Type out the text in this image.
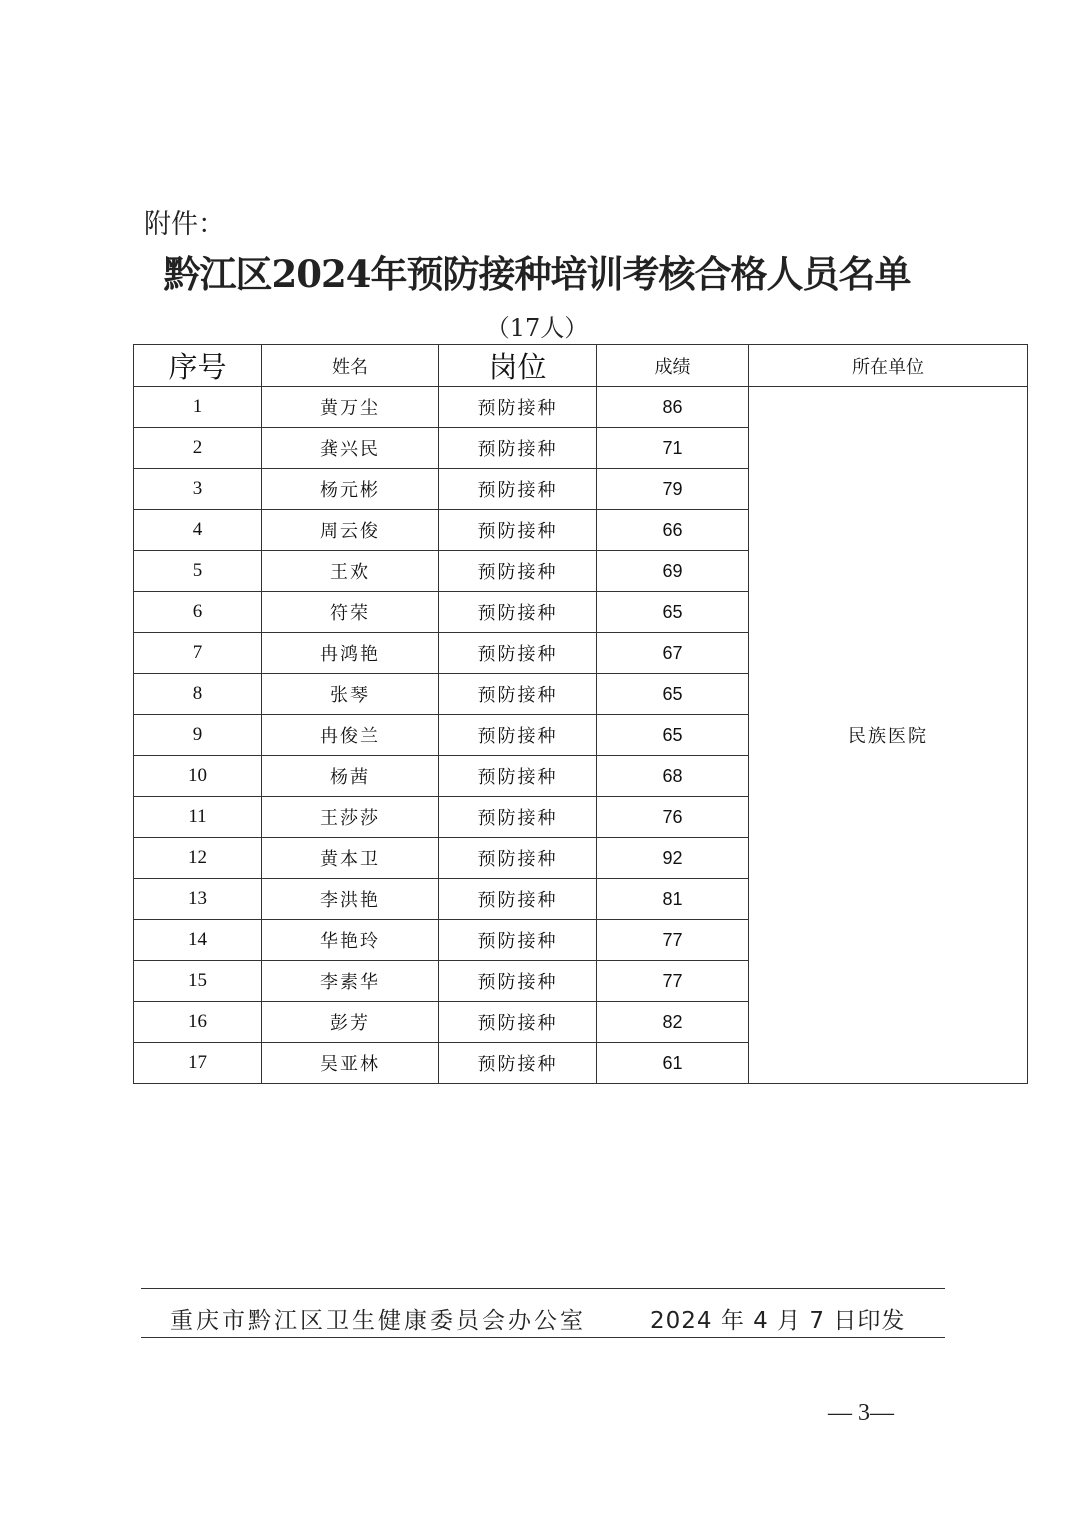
附件：
黔江区2024年预防接种培训考核合格人员名单
（17人）
序号	姓名	岗位	成绩	所在单位
1	黄万尘	预防接种	86	民族医院
2	龚兴民	预防接种	71	
3	杨元彬	预防接种	79	
4	周云俊	预防接种	66	
5	王欢	预防接种	69	
6	符荣	预防接种	65	
7	冉鸿艳	预防接种	67	
8	张琴	预防接种	65	
9	冉俊兰	预防接种	65	
10	杨茜	预防接种	68	
11	王莎莎	预防接种	76	
12	黄本卫	预防接种	92	
13	李洪艳	预防接种	81	
14	华艳玲	预防接种	77	
15	李素华	预防接种	77	
16	彭芳	预防接种	82	
17	吴亚林	预防接种	61	
重庆市黔江区卫生健康委员会办公室	2024 年 4 月 7 日印发
— 3—
